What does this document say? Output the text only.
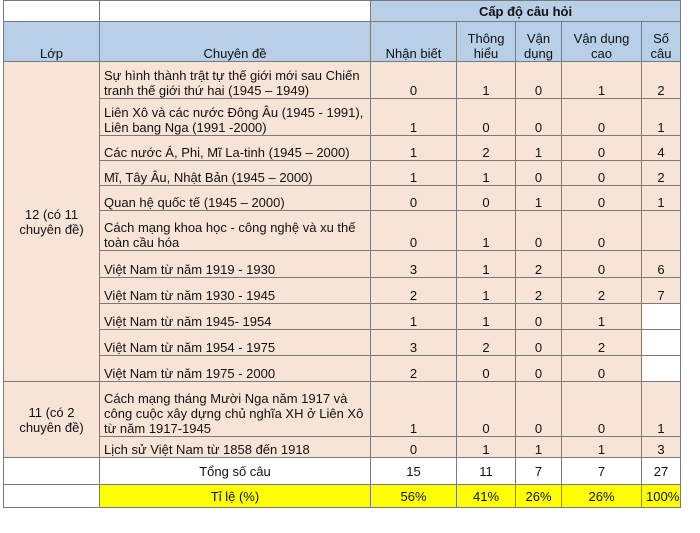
		Cấp độ câu hỏi				
Lớp	Chuyên đề	Nhận biết	Thông hiểu	Vận dụng	Vận dụng cao	Số câu
12 (có 11 chuyên đề)	Sự hình thành trật tự thế giới mới sau Chiến tranh thế giới thứ hai (1945 – 1949)	0	1	0	1	2
	Liên Xô và các nước Đông Âu (1945 - 1991), Liên bang Nga (1991 -2000)	1	0	0	0	1
	Các nước Á, Phi, Mĩ La-tinh (1945 – 2000)	1	2	1	0	4
	Mĩ, Tây Âu, Nhật Bản (1945 – 2000)	1	1	0	0	2
	Quan hệ quốc tế (1945 – 2000)	0	0	1	0	1
	Cách mạng khoa học - công nghệ và xu thế toàn cầu hóa	0	1	0	0	
	Việt Nam từ năm 1919 - 1930	3	1	2	0	6
	Việt Nam từ năm 1930 - 1945	2	1	2	2	7
	Việt Nam từ năm 1945- 1954	1	1	0	1	
	Việt Nam từ năm 1954 - 1975	3	2	0	2	
	Việt Nam từ năm 1975 - 2000	2	0	0	0	
11 (có 2 chuyên đề)	Cách mạng tháng Mười Nga năm 1917 và công cuộc xây dựng chủ nghĩa XH ở Liên Xô từ năm 1917-1945	1	0	0	0	1
	Lịch sử Việt Nam từ 1858 đến 1918	0	1	1	1	3
	Tổng số câu	15	11	7	7	27
	Tỉ lệ (%)	56%	41%	26%	26%	100%
